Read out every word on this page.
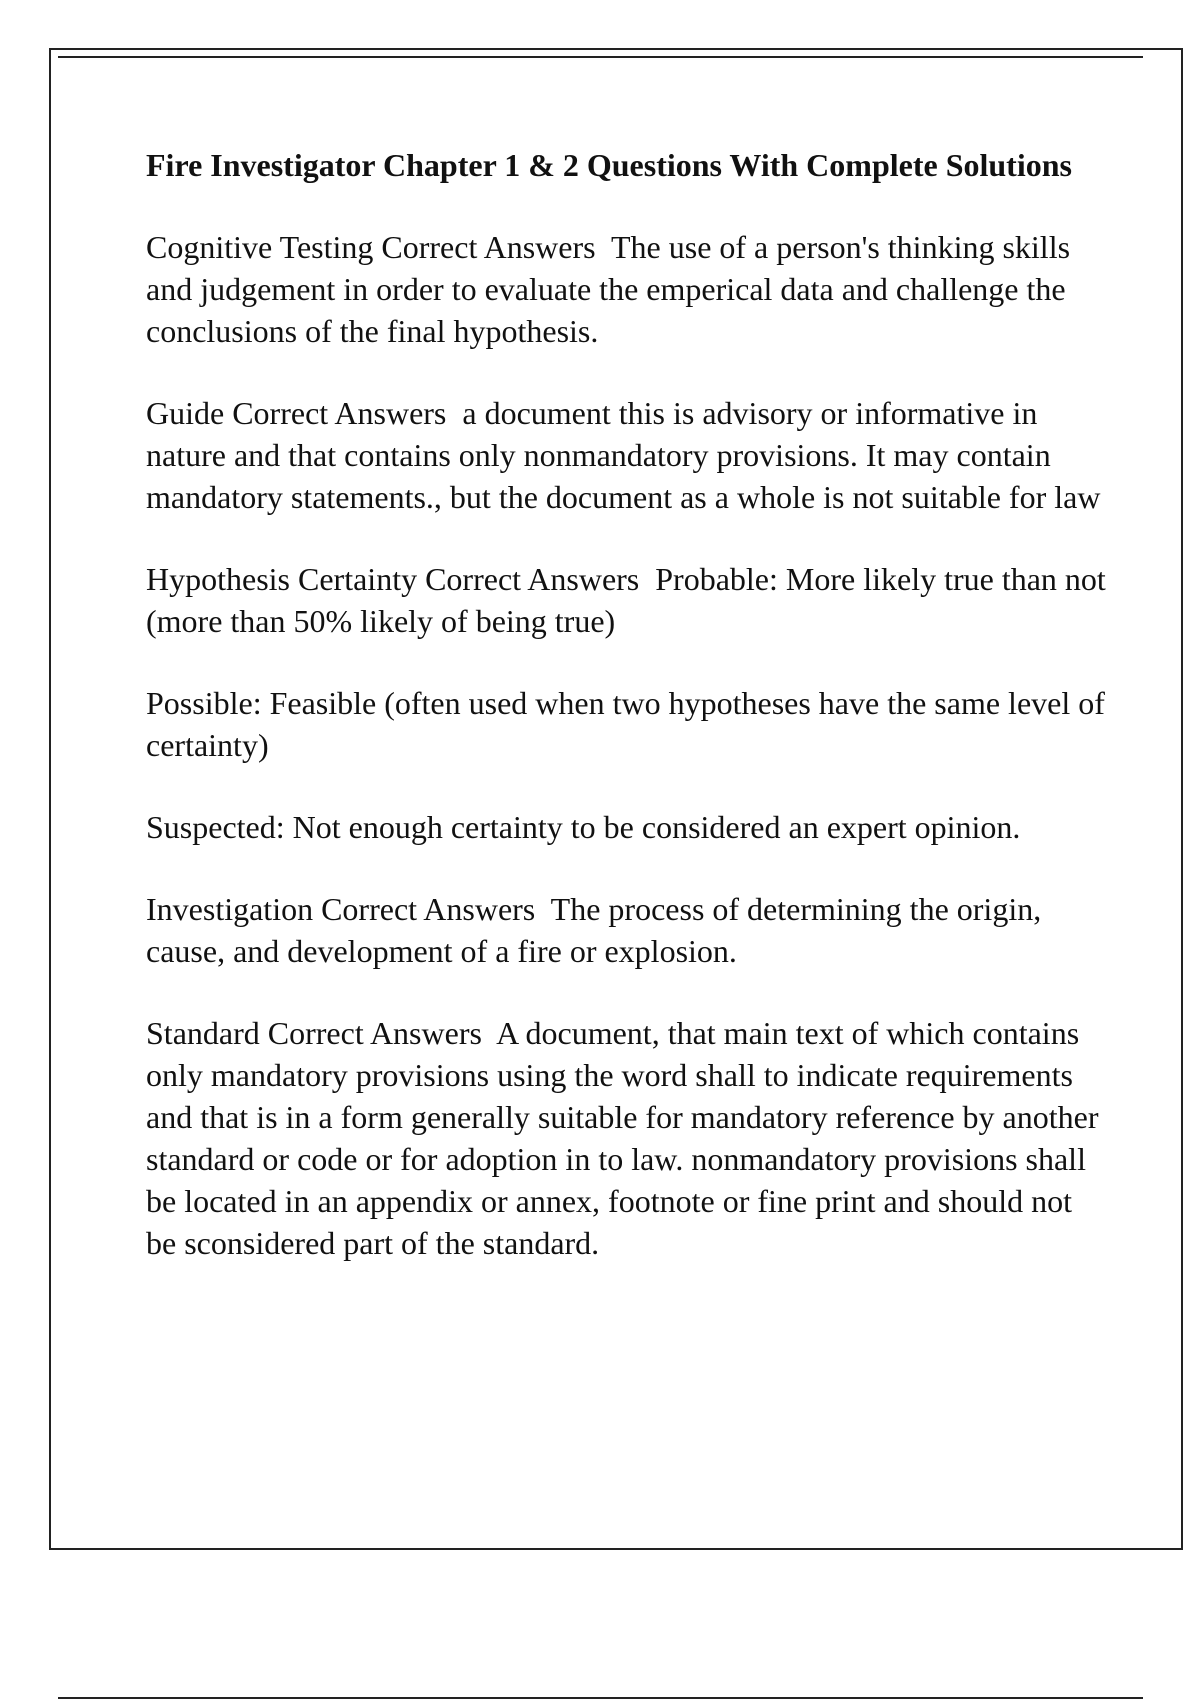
Fire Investigator Chapter 1 & 2 Questions With Complete Solutions
Cognitive Testing Correct Answers  The use of a person's thinking skills and judgement in order to evaluate the emperical data and challenge the conclusions of the final hypothesis.
Guide Correct Answers  a document this is advisory or informative in nature and that contains only nonmandatory provisions. It may contain mandatory statements., but the document as a whole is not suitable for law
Hypothesis Certainty Correct Answers  Probable: More likely true than not (more than 50% likely of being true)
Possible: Feasible (often used when two hypotheses have the same level of certainty)
Suspected: Not enough certainty to be considered an expert opinion.
Investigation Correct Answers  The process of determining the origin, cause, and development of a fire or explosion.
Standard Correct Answers  A document, that main text of which contains only mandatory provisions using the word shall to indicate requirements and that is in a form generally suitable for mandatory reference by another standard or code or for adoption in to law. nonmandatory provisions shall be located in an appendix or annex, footnote or fine print and should not be sconsidered part of the standard.
